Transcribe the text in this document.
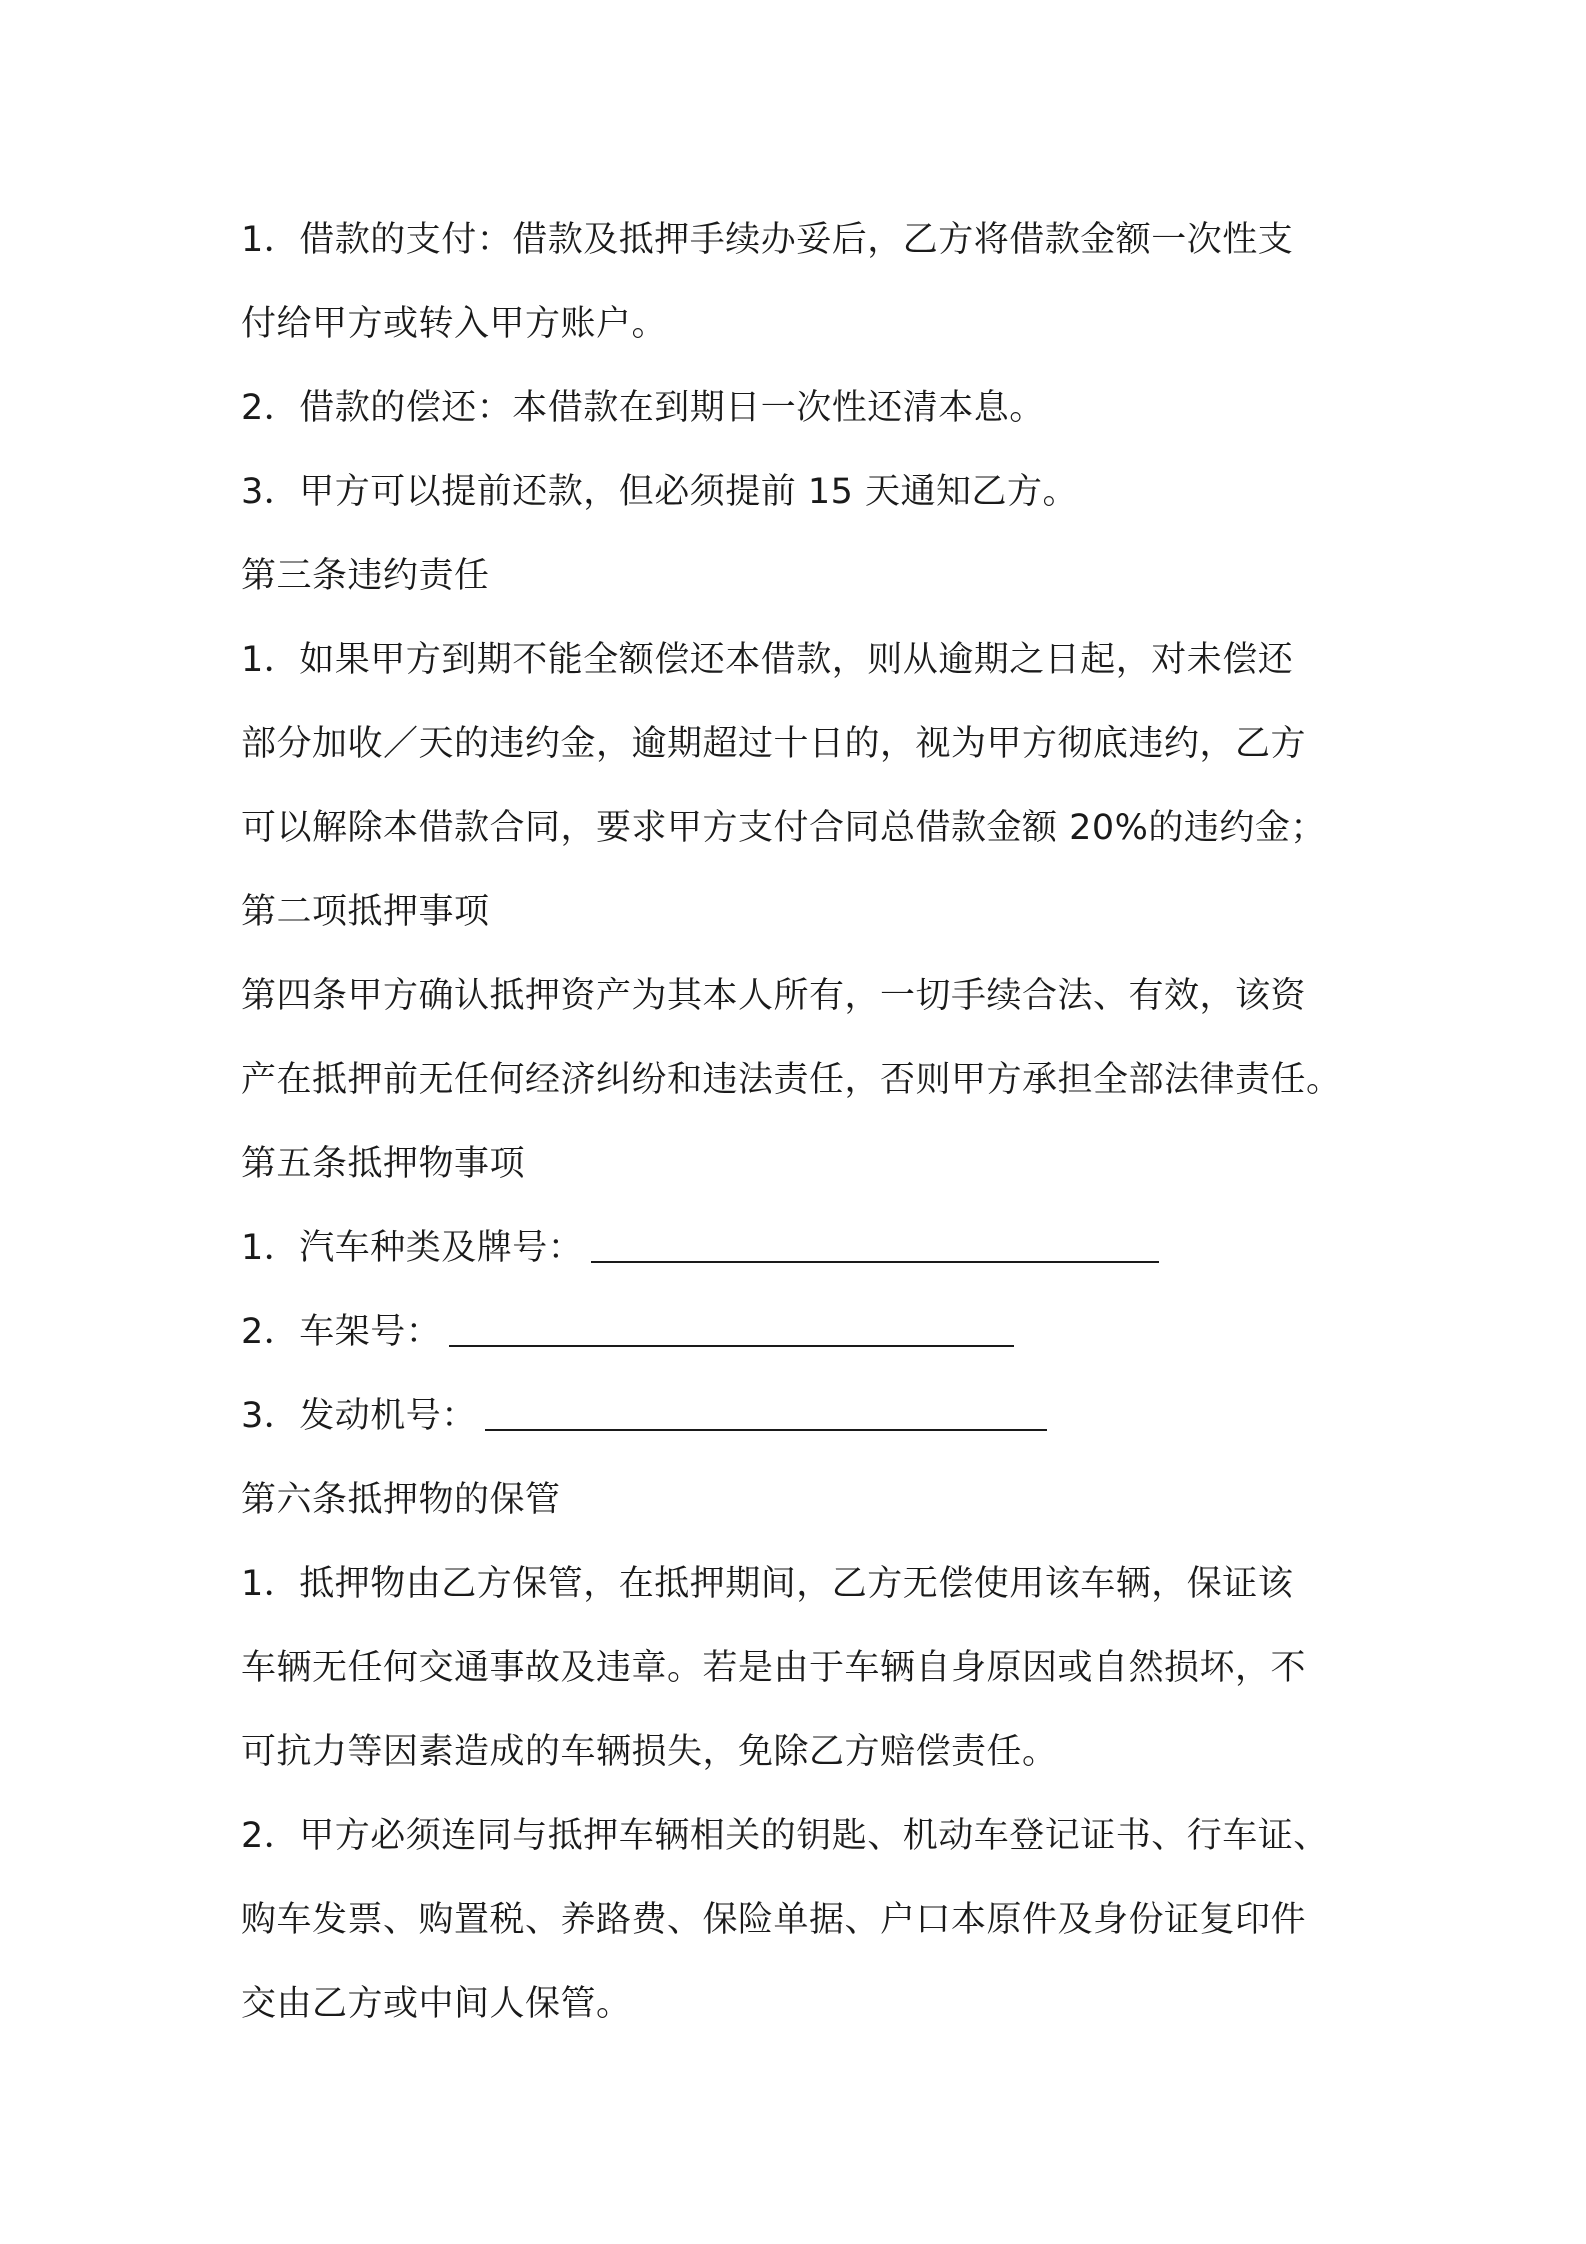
1．借款的支付：借款及抵押手续办妥后，乙方将借款金额一次性支
付给甲方或转入甲方账户。
2．借款的偿还：本借款在到期日一次性还清本息。
3．甲方可以提前还款，但必须提前 15 天通知乙方。
第三条违约责任
1．如果甲方到期不能全额偿还本借款，则从逾期之日起，对未偿还
部分加收／天的违约金，逾期超过十日的，视为甲方彻底违约，乙方
可以解除本借款合同，要求甲方支付合同总借款金额 20%的违约金；
第二项抵押事项
第四条甲方确认抵押资产为其本人所有，一切手续合法、有效，该资
产在抵押前无任何经济纠纷和违法责任，否则甲方承担全部法律责任。
第五条抵押物事项
1．汽车种类及牌号：
2．车架号：
3．发动机号：
第六条抵押物的保管
1．抵押物由乙方保管，在抵押期间，乙方无偿使用该车辆，保证该
车辆无任何交通事故及违章。若是由于车辆自身原因或自然损坏，不
可抗力等因素造成的车辆损失，免除乙方赔偿责任。
2．甲方必须连同与抵押车辆相关的钥匙、机动车登记证书、行车证、
购车发票、购置税、养路费、保险单据、户口本原件及身份证复印件
交由乙方或中间人保管。
